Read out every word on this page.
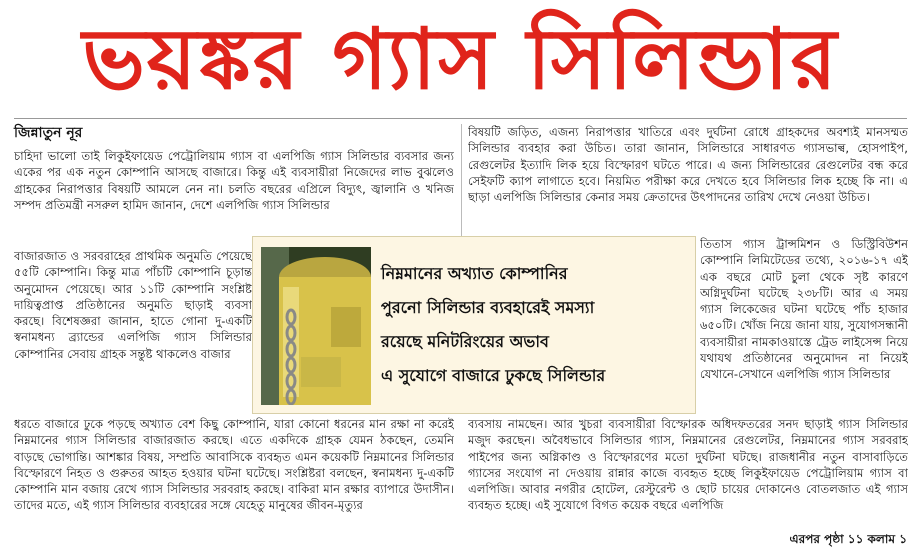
ভয়ঙ্কর গ্যাস সিলিন্ডার
জিন্নাতুন নূর

চাহিদা ভালো তাই লিকুইফায়েড পেট্রোলিয়াম গ্যাস বা এলপিজি গ্যাস সিলিন্ডার ব্যবসার জন্য একের পর এক নতুন কোম্পানি আসছে বাজারে। কিন্তু এই ব্যবসায়ীরা নিজেদের লাভ বুঝলেও গ্রাহকের নিরাপত্তার বিষয়টি আমলে নেন না। চলতি বছরের এপ্রিলে বিদ্যুৎ, জ্বালানি ও খনিজ সম্পদ প্রতিমন্ত্রী নসরুল হামিদ জানান, দেশে এলপিজি গ্যাস সিলিন্ডার

বাজারজাত ও সরবরাহের প্রাথমিক অনুমতি পেয়েছে ৫৫টি কোম্পানি। কিন্তু মাত্র পাঁচটি কোম্পানি চূড়ান্ত অনুমোদন পেয়েছে। আর ১১টি কোম্পানি সংশ্লিষ্ট দায়িত্বপ্রাপ্ত প্রতিষ্ঠানের অনুমতি ছাড়াই ব্যবসা করছে। বিশেষজ্ঞরা জানান, হাতে গোনা দু-একটি স্বনামধন্য ব্র্যান্ডের এলপিজি গ্যাস সিলিন্ডার কোম্পানির সেবায় গ্রাহক সন্তুষ্ট থাকলেও বাজার

ধরতে বাজারে ঢুকে পড়ছে অখ্যাত বেশ কিছু কোম্পানি, যারা কোনো ধরনের মান রক্ষা না করেই নিম্নমানের গ্যাস সিলিন্ডার বাজারজাত করছে। এতে একদিকে গ্রাহক যেমন ঠকছেন, তেমনি বাড়ছে ভোগান্তি। আশঙ্কার বিষয়, সম্প্রতি আবাসিকে ব্যবহৃত এমন কয়েকটি নিম্নমানের সিলিন্ডার বিস্ফোরণে নিহত ও গুরুতর আহত হওয়ার ঘটনা ঘটেছে। সংশ্লিষ্টরা বলছেন, স্বনামধন্য দু-একটি কোম্পানি মান বজায় রেখে গ্যাস সিলিন্ডার সরবরাহ করছে। বাকিরা মান রক্ষার ব্যাপারে উদাসীন। তাদের মতে, এই গ্যাস সিলিন্ডার ব্যবহারের সঙ্গে যেহেতু মানুষের জীবন-মৃত্যুর

বিষয়টি জড়িত, এজন্য নিরাপত্তার খাতিরে এবং দুর্ঘটনা রোধে গ্রাহকদের অবশ্যই মানসম্মত সিলিন্ডার ব্যবহার করা উচিত। তারা জানান, সিলিন্ডারে সাধারণত গ্যাসভাল্ব, হোসপাইপ, রেগুলেটর ইত্যাদি লিক হয়ে বিস্ফোরণ ঘটতে পারে। এ জন্য সিলিন্ডারের রেগুলেটর বন্ধ করে সেইফটি ক্যাপ লাগাতে হবে। নিয়মিত পরীক্ষা করে দেখতে হবে সিলিন্ডার লিক হচ্ছে কি না। এ ছাড়া এলপিজি সিলিন্ডার কেনার সময় ক্রেতাদের উৎপাদনের তারিখ দেখে নেওয়া উচিত।

তিতাস গ্যাস ট্রান্সমিশন ও ডিস্ট্রিবিউশন কোম্পানি লিমিটেডের তথ্যে, ২০১৬-১৭ এই এক বছরে মোট চুলা থেকে সৃষ্ট কারণে অগ্নিদুর্ঘটনা ঘটেছে ২৩৮টি। আর এ সময় গ্যাস লিকেজের ঘটনা ঘটেছে পাঁচ হাজার ৬৫০টি। খোঁজ নিয়ে জানা যায়, সুযোগসন্ধানী ব্যবসায়ীরা নামকাওয়াস্তে ট্রেড লাইসেন্স নিয়ে যথাযথ প্রতিষ্ঠানের অনুমোদন না নিয়েই যেখানে-সেখানে এলপিজি গ্যাস সিলিন্ডার

ব্যবসায় নামছেন। আর খুচরা ব্যবসায়ীরা বিস্ফোরক অধিদফতরের সনদ ছাড়াই গ্যাস সিলিন্ডার মজুদ করছেন। অবৈধভাবে সিলিন্ডার গ্যাস, নিম্নমানের রেগুলেটর, নিম্নমানের গ্যাস সরবরাহ পাইপের জন্য অগ্নিকাণ্ড ও বিস্ফোরণের মতো দুর্ঘটনা ঘটছে। রাজধানীর নতুন বাসাবাড়িতে গ্যাসের সংযোগ না দেওয়ায় রান্নার কাজে ব্যবহৃত হচ্ছে লিকুইফায়েড পেট্রোলিয়াম গ্যাস বা এলপিজি। আবার নগরীর হোটেল, রেস্টুরেন্ট ও ছোট চায়ের দোকানেও বোতলজাত এই গ্যাস ব্যবহৃত হচ্ছে। এই সুযোগে বিগত কয়েক বছরে এলপিজি

নিম্নমানের অখ্যাত কোম্পানির
পুরনো সিলিন্ডার ব্যবহারেই সমস্যা
রয়েছে মনিটরিংয়ের অভাব
এ সুযোগে বাজারে ঢুকছে সিলিন্ডার
এরপর পৃষ্ঠা ১১ কলাম ১
